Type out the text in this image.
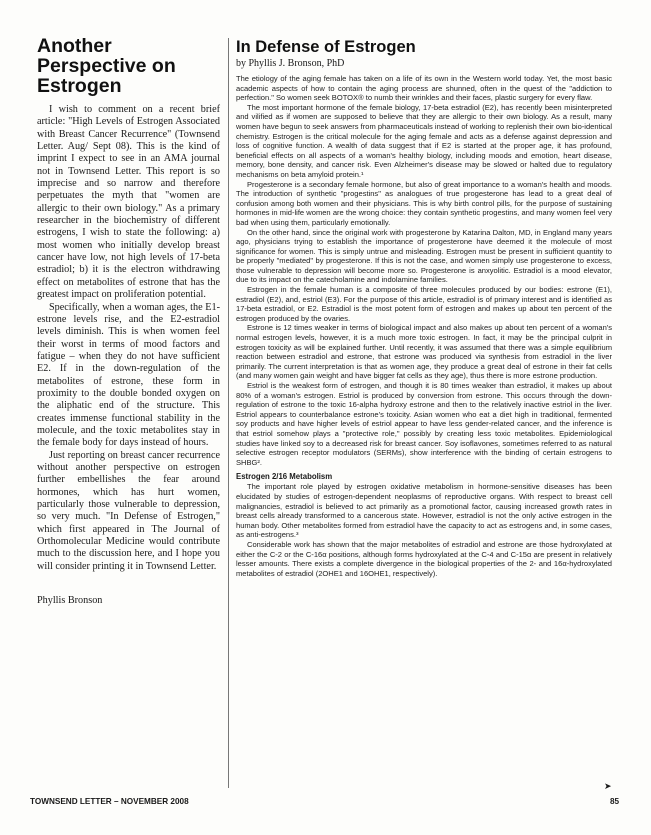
Another Perspective on Estrogen

I wish to comment on a recent brief article: "High Levels of Estrogen Associated with Breast Cancer Recurrence" (Townsend Letter. Aug/ Sept 08). This is the kind of imprint I expect to see in an AMA journal not in Townsend Letter. This report is so imprecise and so narrow and therefore perpetuates the myth that "women are allergic to their own biology." As a primary researcher in the biochemistry of different estrogens, I wish to state the following: a) most women who initially develop breast cancer have low, not high levels of 17-beta estradiol; b) it is the electron withdrawing effect on metabolites of estrone that has the greatest impact on proliferation potential.

Specifically, when a woman ages, the E1-estrone levels rise, and the E2-estradiol levels diminish. This is when women feel their worst in terms of mood factors and fatigue – when they do not have sufficient E2. If in the down-regulation of the metabolites of estrone, these form in proximity to the double bonded oxygen on the aliphatic end of the structure. This creates immense functional stability in the molecule, and the toxic metabolites stay in the female body for days instead of hours.

Just reporting on breast cancer recurrence without another perspective on estrogen further embellishes the fear around hormones, which has hurt women, particularly those vulnerable to depression, so very much. "In Defense of Estrogen," which first appeared in The Journal of Orthomolecular Medicine would contribute much to the discussion here, and I hope you will consider printing it in Townsend Letter.

Phyllis Bronson
In Defense of Estrogen
by Phyllis J. Bronson, PhD

The etiology of the aging female has taken on a life of its own in the Western world today. Yet, the most basic academic aspects of how to contain the aging process are shunned, often in the quest of the "addiction to perfection." So women seek BOTOX® to numb their wrinkles and their faces, plastic surgery for every flaw.

The most important hormone of the female biology, 17-beta estradiol (E2), has recently been misinterpreted and vilified as if women are supposed to believe that they are allergic to their own biology. As a result, many women have begun to seek answers from pharmaceuticals instead of working to replenish their own bio-identical chemistry. Estrogen is the critical molecule for the aging female and acts as a defense against depression and loss of cognitive function. A wealth of data suggest that if E2 is started at the proper age, it has profound, beneficial effects on all aspects of a woman's healthy biology, including moods and emotion, heart disease, memory, bone density, and cancer risk. Even Alzheimer's disease may be slowed or halted due to regulatory mechanisms on beta amyloid protein.¹

Progesterone is a secondary female hormone, but also of great importance to a woman's health and moods. The introduction of synthetic "progestins" as analogues of true progesterone has lead to a great deal of confusion among both women and their physicians. This is why birth control pills, for the purpose of sustaining hormones in mid-life women are the wrong choice: they contain synthetic progestins, and many women feel very bad when using them, particularly emotionally.

On the other hand, since the original work with progesterone by Katarina Dalton, MD, in England many years ago, physicians trying to establish the importance of progesterone have deemed it the molecule of most significance for women. This is simply untrue and misleading. Estrogen must be present in sufficient quantity to be properly "mediated" by progesterone. If this is not the case, and women simply use progesterone to excess, those vulnerable to depression will become more so. Progesterone is anxyolitic. Estradiol is a mood elevator, due to its impact on the catecholamine and indolamine families.

Estrogen in the female human is a composite of three molecules produced by our bodies: estrone (E1), estradiol (E2), and, estriol (E3). For the purpose of this article, estradiol is of primary interest and is identified as 17-beta estradiol, or E2. Estradiol is the most potent form of estrogen and makes up about ten percent of the estrogen produced by the ovaries.

Estrone is 12 times weaker in terms of biological impact and also makes up about ten percent of a woman's normal estrogen levels, however, it is a much more toxic estrogen. In fact, it may be the principal culprit in estrogen toxicity as will be explained further. Until recently, it was assumed that there was a simple equilibrium reaction between estradiol and estrone, that estrone was produced via synthesis from estradiol in the liver primarily. The current interpretation is that as women age, they produce a great deal of estrone in their fat cells (and many women gain weight and have bigger fat cells as they age), thus there is more estrone production.

Estriol is the weakest form of estrogen, and though it is 80 times weaker than estradiol, it makes up about 80% of a woman's estrogen. Estriol is produced by conversion from estrone. This occurs through the down-regulation of estrone to the toxic 16-alpha hydroxy estrone and then to the relatively inactive estriol in the liver. Estriol appears to counterbalance estrone's toxicity. Asian women who eat a diet high in traditional, fermented soy products and have higher levels of estriol appear to have less gender-related cancer, and the inference is that estriol somehow plays a "protective role," possibly by creating less toxic metabolites. Epidemiological studies have linked soy to a decreased risk for breast cancer. Soy isoflavones, sometimes referred to as natural selective estrogen receptor modulators (SERMs), show interference with the binding of certain estrogens to SHBG².

Estrogen 2/16 Metabolism

The important role played by estrogen oxidative metabolism in hormone-sensitive diseases has been elucidated by studies of estrogen-dependent neoplasms of reproductive organs. With respect to breast cell malignancies, estradiol is believed to act primarily as a promotional factor, causing increased growth rates in breast cells already transformed to a cancerous state. However, estradiol is not the only active estrogen in the human body. Other metabolites formed from estradiol have the capacity to act as estrogens and, in some cases, as anti-estrogens.³

Considerable work has shown that the major metabolites of estradiol and estrone are those hydroxylated at either the C-2 or the C-16α positions, although forms hydroxylated at the C-4 and C-15α are present in relatively lesser amounts. There exists a complete divergence in the biological properties of the 2- and 16α-hydroxylated metabolites of estradiol (2OHE1 and 16OHE1, respectively).

➤
TOWNSEND LETTER – NOVEMBER 2008	85
